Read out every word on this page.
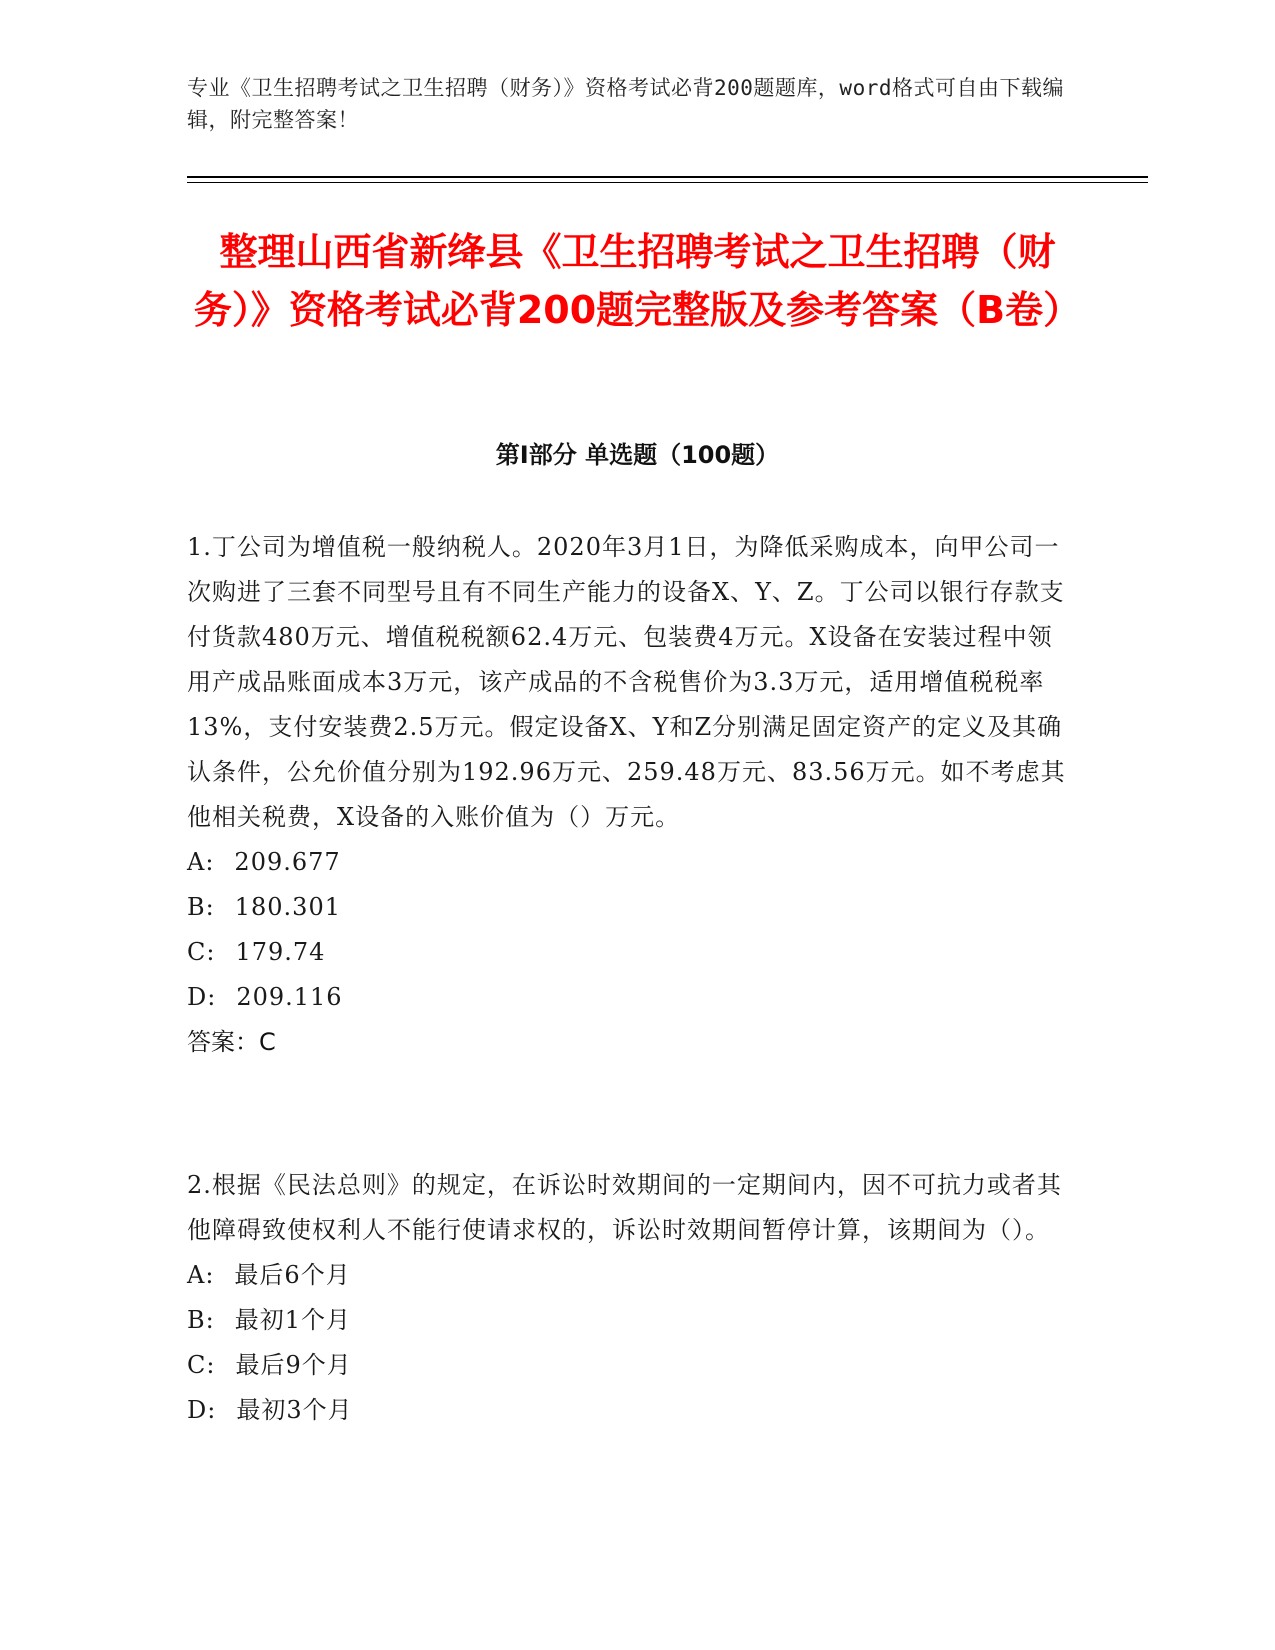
专业《卫生招聘考试之卫生招聘（财务）》资格考试必背200题题库，word格式可自由下载编辑，附完整答案！
整理山西省新绛县《卫生招聘考试之卫生招聘（财务）》资格考试必背200题完整版及参考答案（B卷）
第Ⅰ部分 单选题（100题）
1.丁公司为增值税一般纳税人。2020年3月1日，为降低采购成本，向甲公司一次购进了三套不同型号且有不同生产能力的设备X、Y、Z。丁公司以银行存款支付货款480万元、增值税税额62.4万元、包装费4万元。X设备在安装过程中领用产成品账面成本3万元，该产成品的不含税售价为3.3万元，适用增值税税率13%，支付安装费2.5万元。假定设备X、Y和Z分别满足固定资产的定义及其确认条件，公允价值分别为192.96万元、259.48万元、83.56万元。如不考虑其他相关税费，X设备的入账价值为（）万元。
A: 209.677
B: 180.301
C: 179.74
D: 209.116
答案：C
2.根据《民法总则》的规定，在诉讼时效期间的一定期间内，因不可抗力或者其他障碍致使权利人不能行使请求权的，诉讼时效期间暂停计算，该期间为（）。
A: 最后6个月
B: 最初1个月
C: 最后9个月
D: 最初3个月
